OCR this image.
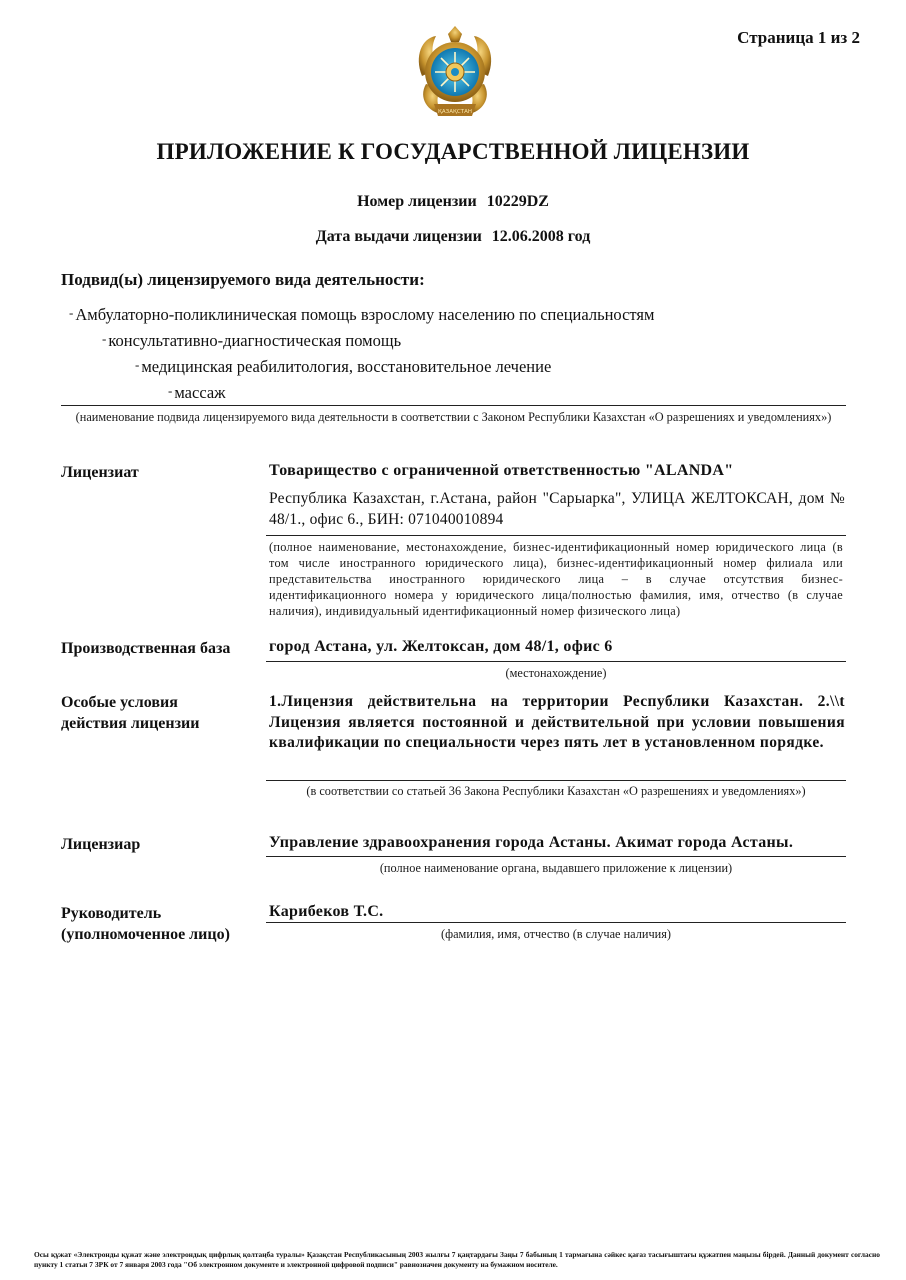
Страница 1 из 2
ҚАЗАҚСТАН
ПРИЛОЖЕНИЕ К ГОСУДАРСТВЕННОЙ ЛИЦЕНЗИИ
Номер лицензии 10229DZ
Дата выдачи лицензии 12.06.2008 год
Подвид(ы) лицензируемого вида деятельности:
- Амбулаторно-поликлиническая помощь взрослому населению по специальностям
- консультативно-диагностическая помощь
- медицинская реабилитология, восстановительное лечение
- массаж
(наименование подвида лицензируемого вида деятельности в соответствии с Законом Республики Казахстан «О разрешениях и уведомлениях»)
Лицензиат	Товарищество с ограниченной ответственностью "ALANDA"
Республика Казахстан, г.Астана, район "Сарыарка", УЛИЦА ЖЕЛТОКСАН, дом № 48/1., офис 6., БИН: 071040010894
(полное наименование, местонахождение, бизнес-идентификационный номер юридического лица (в том числе иностранного юридического лица), бизнес-идентификационный номер филиала или представительства иностранного юридического лица – в случае отсутствия бизнес-идентификационного номера у юридического лица/полностью фамилия, имя, отчество (в случае наличия), индивидуальный идентификационный номер физического лица)
Производственная база город Астана, ул. Желтоксан, дом 48/1, офис 6
(местонахождение)
Особые условия действия лицензии
1.Лицензия действительна на территории Республики Казахстан. 2.\\t Лицензия является постоянной и действительной при условии повышения квалификации по специальности через пять лет в установленном порядке.
(в соответствии со статьей 36 Закона Республики Казахстан «О разрешениях и уведомлениях»)
Лицензиар	Управление здравоохранения города Астаны. Акимат города Астаны.
(полное наименование органа, выдавшего приложение к лицензии)
Руководитель (уполномоченное лицо)
Карибеков Т.С.
(фамилия, имя, отчество (в случае наличия)
Осы құжат «Электронды құжат және электрондық цифрлық қолтаңба туралы» Қазақстан Республикасының 2003 жылғы 7 қаңтардағы Заңы 7 бабының 1 тармағына сәйкес қағаз тасығыштағы құжатпен маңызы бірдей. Данный документ согласно пункту 1 статьи 7 ЗРК от 7 января 2003 года "Об электронном документе и электронной цифровой подписи" равнозначен документу на бумажном носителе.
